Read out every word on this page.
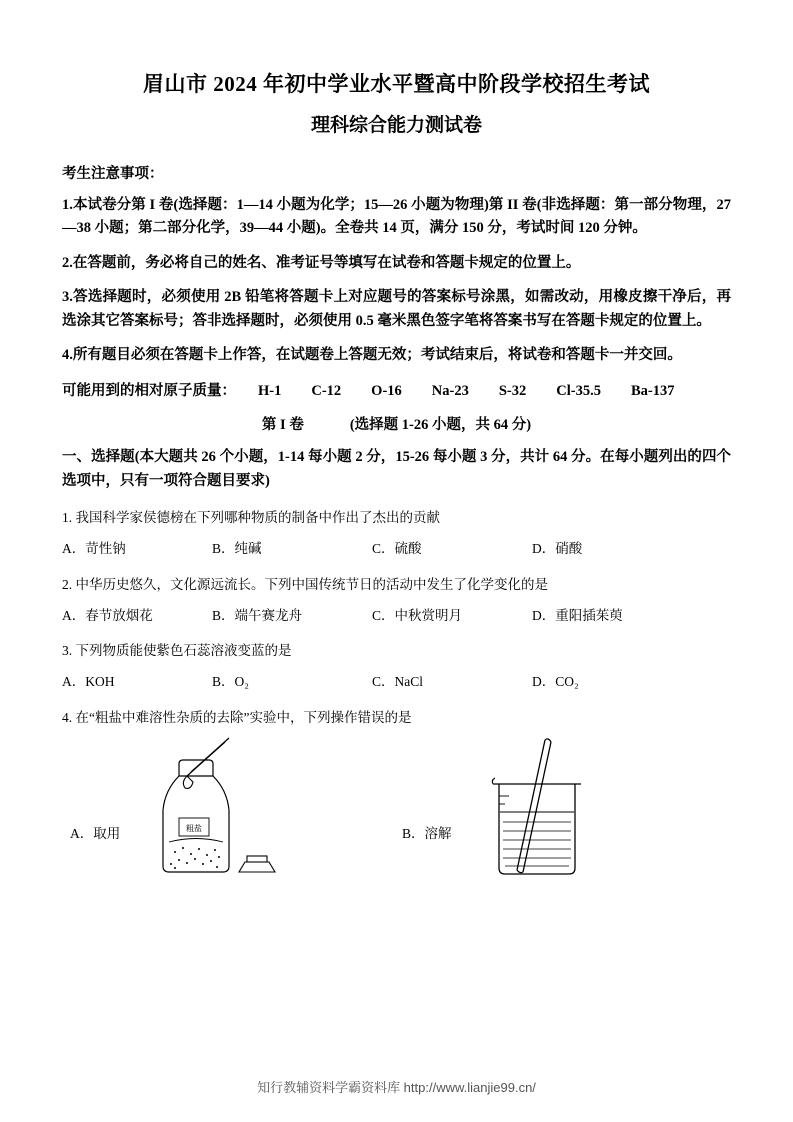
眉山市 2024 年初中学业水平暨高中阶段学校招生考试
理科综合能力测试卷
考生注意事项：
1.本试卷分第 I 卷(选择题：1—14 小题为化学；15—26 小题为物理)第 II 卷(非选择题：第一部分物理，27—38 小题；第二部分化学，39—44 小题)。全卷共 14 页，满分 150 分，考试时间 120 分钟。
2.在答题前，务必将自己的姓名、准考证号等填写在试卷和答题卡规定的位置上。
3.答选择题时，必须使用 2B 铅笔将答题卡上对应题号的答案标号涂黑，如需改动，用橡皮擦干净后，再选涂其它答案标号；答非选择题时，必须使用 0.5 毫米黑色签字笔将答案书写在答题卡规定的位置上。
4.所有题目必须在答题卡上作答，在试题卷上答题无效；考试结束后，将试卷和答题卡一并交回。
可能用到的相对原子质量： H-1 C-12 O-16 Na-23 S-32 Cl-35.5 Ba-137
第 I 卷	(选择题 1-26 小题，共 64 分)
一、选择题(本大题共 26 个小题，1-14 每小题 2 分，15-26 每小题 3 分，共计 64 分。在每小题列出的四个选项中，只有一项符合题目要求)
1. 我国科学家侯德榜在下列哪种物质的制备中作出了杰出的贡献
A．苛性钠	B．纯碱	C．硫酸	D．硝酸
2. 中华历史悠久，文化源远流长。下列中国传统节日的活动中发生了化学变化的是
A．春节放烟花	B．端午赛龙舟	C．中秋赏明月	D．重阳插茱萸
3. 下列物质能使紫色石蕊溶液变蓝的是
A．KOH	B．O₂	C．NaCl	D．CO₂
4. 在“粗盐中难溶性杂质的去除”实验中，下列操作错误的是
A．取用	B．溶解
粗盐
知行教辅资料学霸资料库 http://www.lianjie99.cn/
